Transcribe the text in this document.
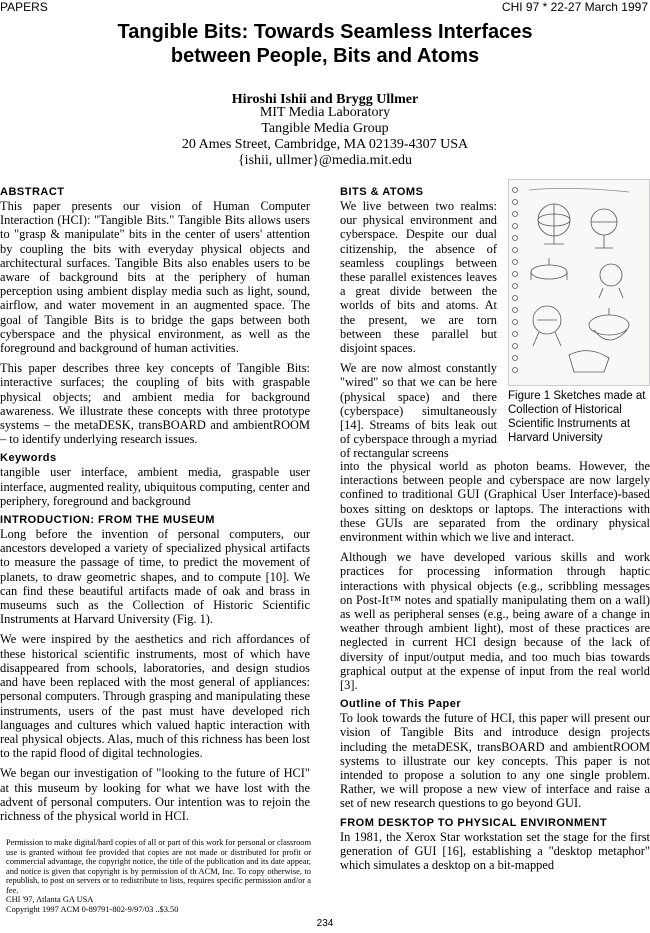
PAPERS	CHI 97 * 22-27 March 1997
Tangible Bits: Towards Seamless Interfaces
between People, Bits and Atoms
Hiroshi Ishii and Brygg Ullmer
MIT Media Laboratory
Tangible Media Group
20 Ames Street, Cambridge, MA 02139-4307 USA
{ishii, ullmer}@media.mit.edu
ABSTRACT

This paper presents our vision of Human Computer Interaction (HCI): "Tangible Bits." Tangible Bits allows users to "grasp & manipulate" bits in the center of users' attention by coupling the bits with everyday physical objects and architectural surfaces. Tangible Bits also enables users to be aware of background bits at the periphery of human perception using ambient display media such as light, sound, airflow, and water movement in an augmented space. The goal of Tangible Bits is to bridge the gaps between both cyberspace and the physical environment, as well as the foreground and background of human activities.

This paper describes three key concepts of Tangible Bits: interactive surfaces; the coupling of bits with graspable physical objects; and ambient media for background awareness. We illustrate these concepts with three prototype systems – the metaDESK, transBOARD and ambientROOM – to identify underlying research issues.

Keywords

tangible user interface, ambient media, graspable user interface, augmented reality, ubiquitous computing, center and periphery, foreground and background

INTRODUCTION: FROM THE MUSEUM

Long before the invention of personal computers, our ancestors developed a variety of specialized physical artifacts to measure the passage of time, to predict the movement of planets, to draw geometric shapes, and to compute [10]. We can find these beautiful artifacts made of oak and brass in museums such as the Collection of Historic Scientific Instruments at Harvard University (Fig. 1).

We were inspired by the aesthetics and rich affordances of these historical scientific instruments, most of which have disappeared from schools, laboratories, and design studios and have been replaced with the most general of appliances: personal computers. Through grasping and manipulating these instruments, users of the past must have developed rich languages and cultures which valued haptic interaction with real physical objects. Alas, much of this richness has been lost to the rapid flood of digital technologies.

We began our investigation of "looking to the future of HCI" at this museum by looking for what we have lost with the advent of personal computers. Our intention was to rejoin the richness of the physical world in HCI.

Permission to make digital/hard copies of all or part of this work for personal or classroom use is granted without fee provided that copies are not made or distributed for profit or commercial advantage, the copyright notice, the title of the publication and its date appear, and notice is given that copyright is by permission of th ACM, Inc. To copy otherwise, to republish, to post on servers or to redistribute to lists, requires specific permission and/or a fee.
CHI '97, Atlanta GA USA
Copyright 1997 ACM 0-89791-802-9/97/03 ..$3.50
BITS & ATOMS

We live between two realms: our physical environment and cyberspace. Despite our dual citizenship, the absence of seamless couplings between these parallel existences leaves a great divide between the worlds of bits and atoms. At the present, we are torn between these parallel but disjoint spaces.

We are now almost constantly "wired" so that we can be here (physical space) and there (cyberspace) simultaneously [14]. Streams of bits leak out of cyberspace through a myriad of rectangular screens

Figure 1 Sketches made at Collection of Historical Scientific Instruments at Harvard University

into the physical world as photon beams. However, the interactions between people and cyberspace are now largely confined to traditional GUI (Graphical User Interface)-based boxes sitting on desktops or laptops. The interactions with these GUIs are separated from the ordinary physical environment within which we live and interact.

Although we have developed various skills and work practices for processing information through haptic interactions with physical objects (e.g., scribbling messages on Post-It™ notes and spatially manipulating them on a wall) as well as peripheral senses (e.g., being aware of a change in weather through ambient light), most of these practices are neglected in current HCI design because of the lack of diversity of input/output media, and too much bias towards graphical output at the expense of input from the real world [3].

Outline of This Paper

To look towards the future of HCI, this paper will present our vision of Tangible Bits and introduce design projects including the metaDESK, transBOARD and ambientROOM systems to illustrate our key concepts. This paper is not intended to propose a solution to any one single problem. Rather, we will propose a new view of interface and raise a set of new research questions to go beyond GUI.

FROM DESKTOP TO PHYSICAL ENVIRONMENT

In 1981, the Xerox Star workstation set the stage for the first generation of GUI [16], establishing a "desktop metaphor" which simulates a desktop on a bit-mapped

234
